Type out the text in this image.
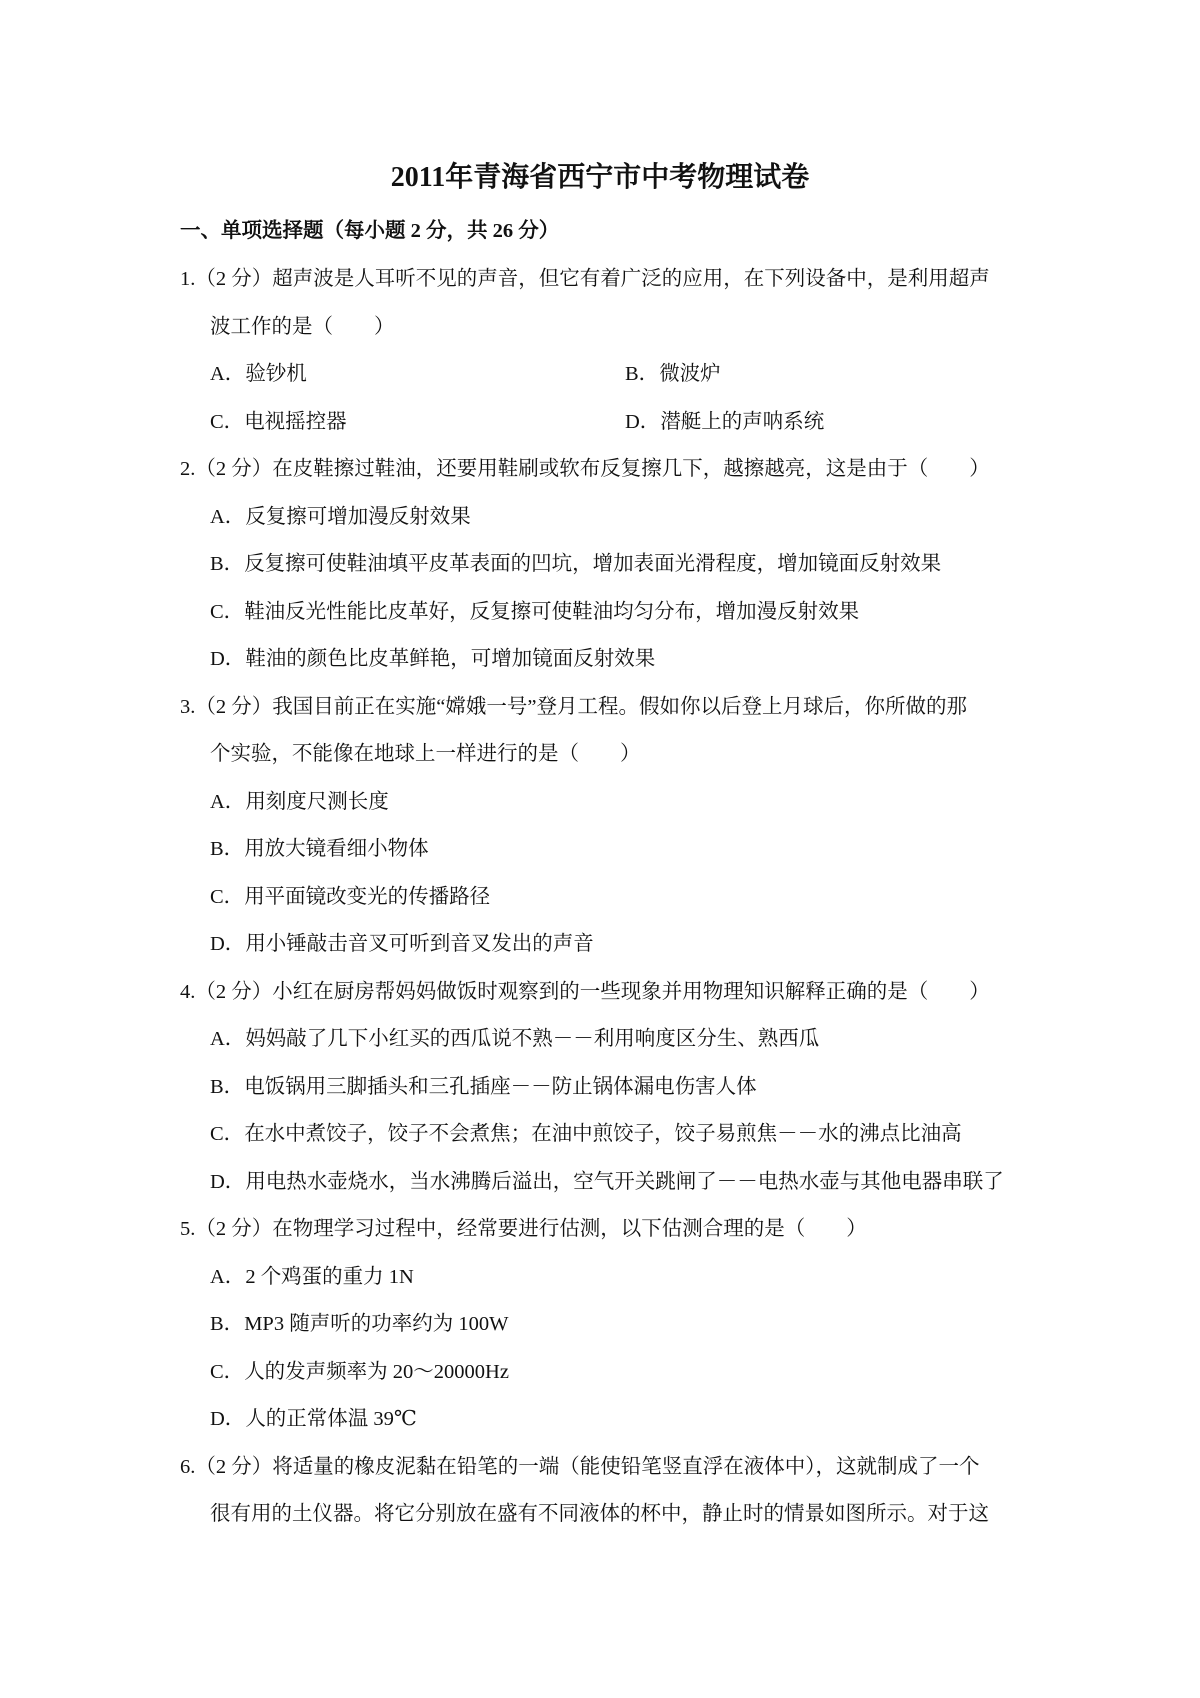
2011年青海省西宁市中考物理试卷
一、单项选择题（每小题 2 分，共 26 分）
1.（2 分）超声波是人耳听不见的声音，但它有着广泛的应用，在下列设备中，是利用超声
波工作的是（　　）
A．验钞机	B．微波炉
C．电视摇控器	D．潜艇上的声呐系统
2.（2 分）在皮鞋擦过鞋油，还要用鞋刷或软布反复擦几下，越擦越亮，这是由于（　　）
A．反复擦可增加漫反射效果
B．反复擦可使鞋油填平皮革表面的凹坑，增加表面光滑程度，增加镜面反射效果
C．鞋油反光性能比皮革好，反复擦可使鞋油均匀分布，增加漫反射效果
D．鞋油的颜色比皮革鲜艳，可增加镜面反射效果
3.（2 分）我国目前正在实施“嫦娥一号”登月工程。假如你以后登上月球后，你所做的那
个实验，不能像在地球上一样进行的是（　　）
A．用刻度尺测长度
B．用放大镜看细小物体
C．用平面镜改变光的传播路径
D．用小锤敲击音叉可听到音叉发出的声音
4.（2 分）小红在厨房帮妈妈做饭时观察到的一些现象并用物理知识解释正确的是（　　）
A．妈妈敲了几下小红买的西瓜说不熟－－利用响度区分生、熟西瓜
B．电饭锅用三脚插头和三孔插座－－防止锅体漏电伤害人体
C．在水中煮饺子，饺子不会煮焦；在油中煎饺子，饺子易煎焦－－水的沸点比油高
D．用电热水壶烧水，当水沸腾后溢出，空气开关跳闸了－－电热水壶与其他电器串联了
5.（2 分）在物理学习过程中，经常要进行估测，以下估测合理的是（　　）
A．2 个鸡蛋的重力 1N
B．MP3 随声听的功率约为 100W
C．人的发声频率为 20～20000Hz
D．人的正常体温 39℃
6.（2 分）将适量的橡皮泥黏在铅笔的一端（能使铅笔竖直浮在液体中），这就制成了一个
很有用的土仪器。将它分别放在盛有不同液体的杯中，静止时的情景如图所示。对于这
